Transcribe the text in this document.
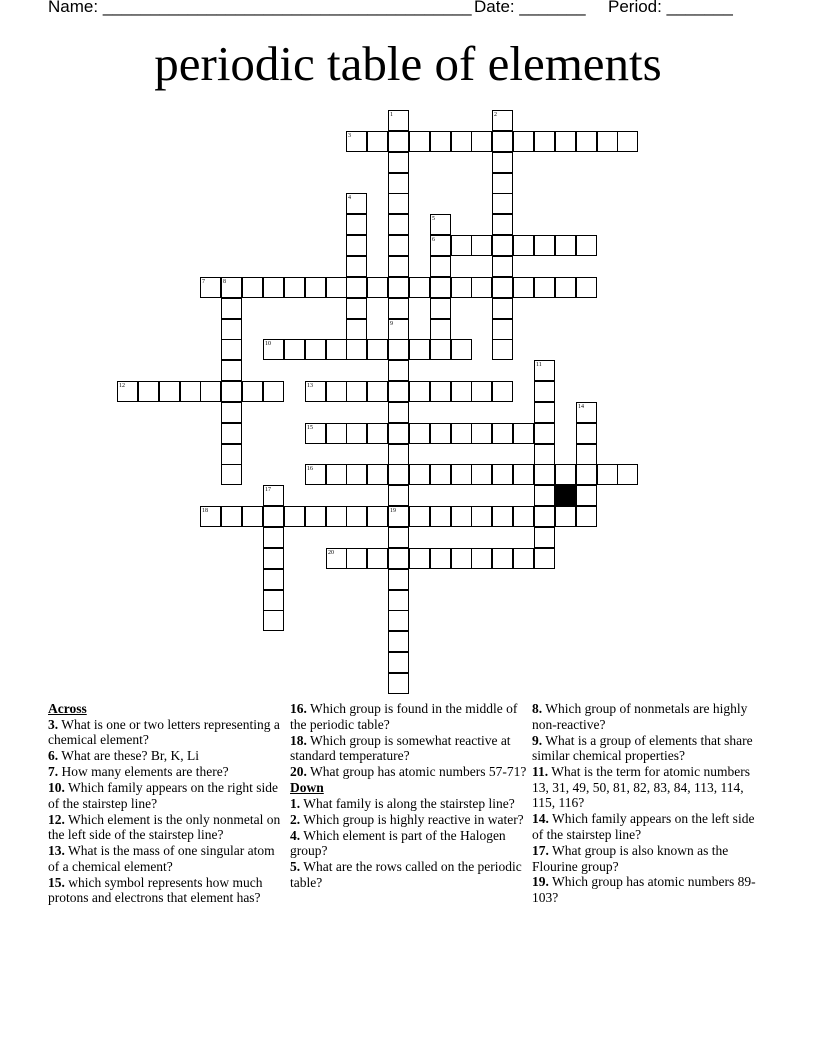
Name: _______________________________________ Date: _______ Period: _______
periodic table of elements
1	2
3
4
5
6
7	8
9
10
11
12	13
14
15
16
17
18
20
19
Across
3. What is one or two letters representing a chemical element?
6. What are these? Br, K, Li
7. How many elements are there?
10. Which family appears on the right side of the stairstep line?
12. Which element is the only nonmetal on the left side of the stairstep line?
13. What is the mass of one singular atom of a chemical element?
15. which symbol represents how much protons and electrons that element has?
16. Which group is found in the middle of the periodic table?
18. Which group is somewhat reactive at standard temperature?
20. What group has atomic numbers 57-71?
Down
1. What family is along the stairstep line?
2. Which group is highly reactive in water?
4. Which element is part of the Halogen group?
5. What are the rows called on the periodic table?
8. Which group of nonmetals are highly non-reactive?
9. What is a group of elements that share similar chemical properties?
11. What is the term for atomic numbers 13, 31, 49, 50, 81, 82, 83, 84, 113, 114, 115, 116?
14. Which family appears on the left side of the stairstep line?
17. What group is also known as the Flourine group?
19. Which group has atomic numbers 89-103?
